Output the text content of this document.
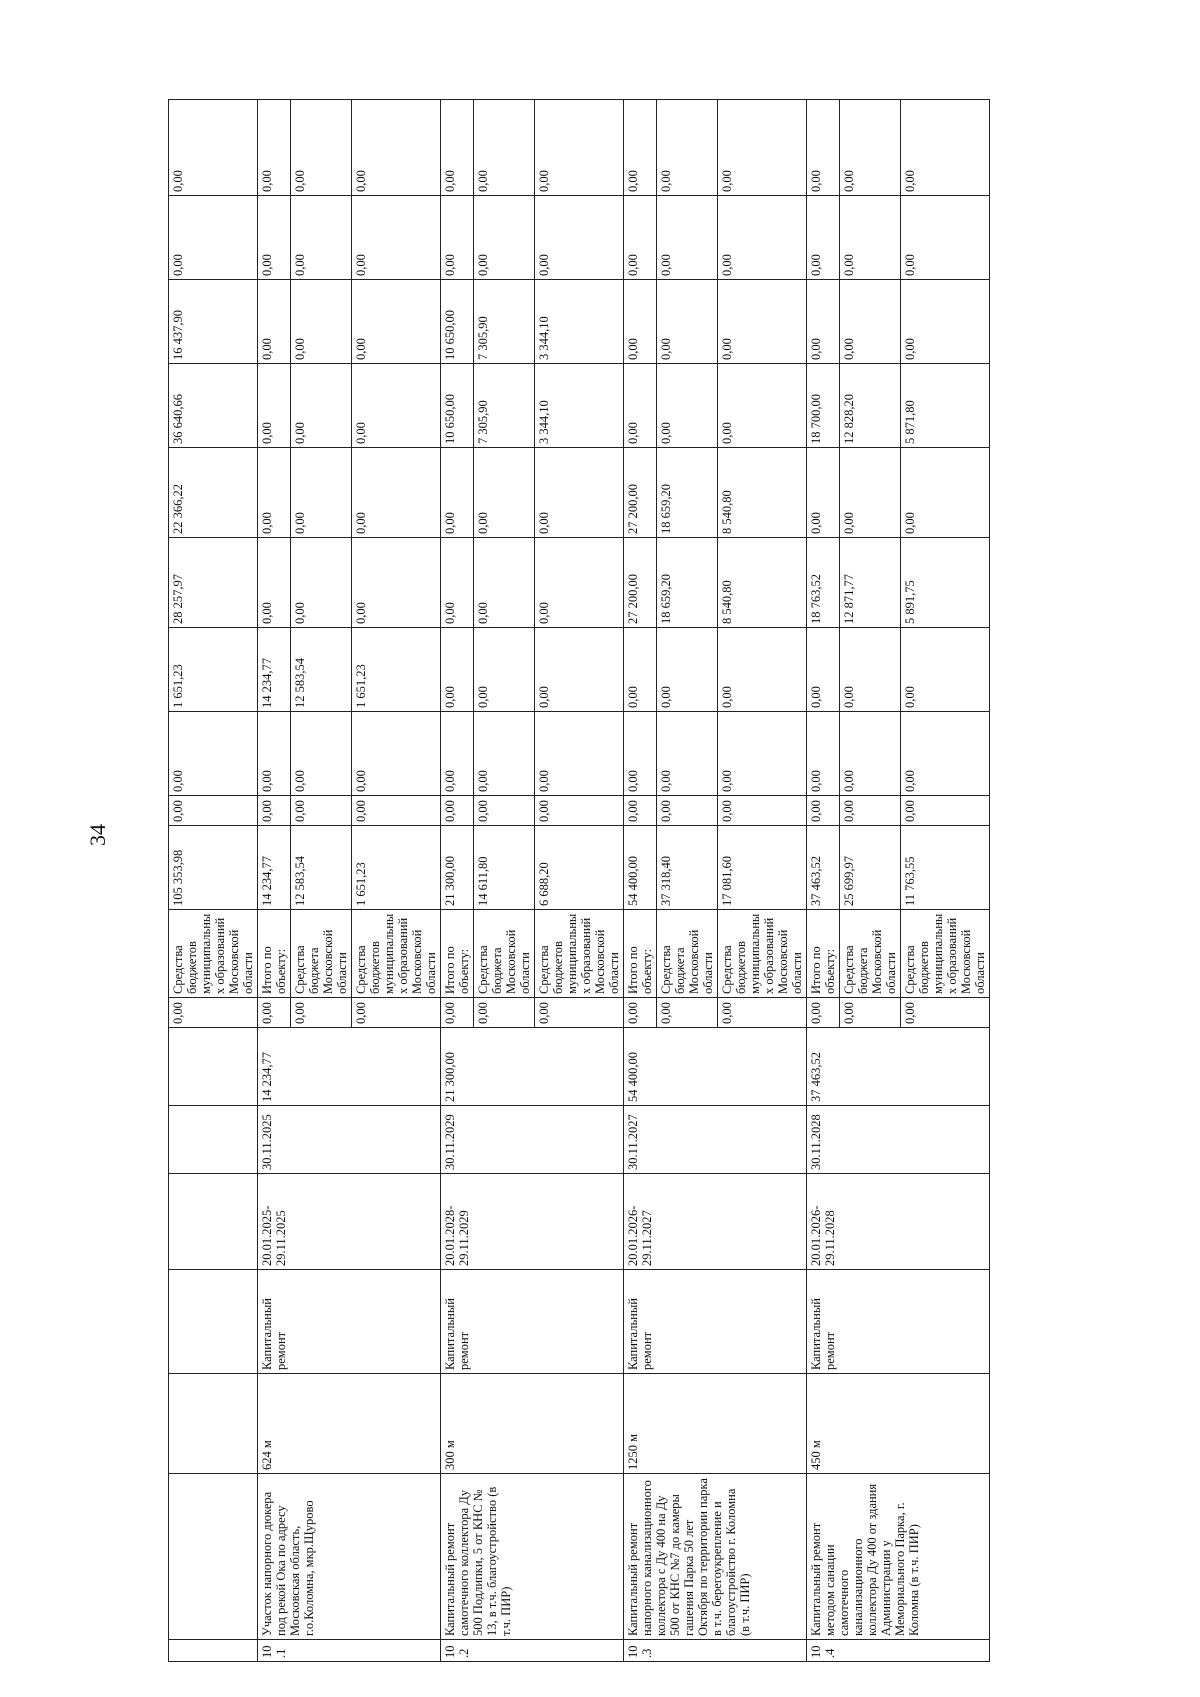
34
							0,00	Средства бюджетов муниципальных образований Московской области	105 353,98	0,00	0,00	1 651,23	28 257,97	22 366,22	36 640,66	16 437,90	0,00	0,00
10.1	Участок напорного дюкера под рекой Ока по адресу Московская область, г.о.Коломна, мкр.Щурово	624 м	Капитальный ремонт	20.01.2025-29.11.2025	30.11.2025	14 234,77	0,00	Итого по объекту:	14 234,77	0,00	0,00	14 234,77	0,00	0,00	0,00	0,00	0,00	0,00
							0,00	Средства бюджета Московской области	12 583,54	0,00	0,00	12 583,54	0,00	0,00	0,00	0,00	0,00	0,00
							0,00	Средства бюджетов муниципальных образований Московской области	1 651,23	0,00	0,00	1 651,23	0,00	0,00	0,00	0,00	0,00	0,00
10.2	Капитальный ремонт самотечного коллектора Ду 500 Подлипки, 5 от КНС № 13, в т.ч. благоустройство (в т.ч. ПИР)	300 м	Капитальный ремонт	20.01.2028-29.11.2029	30.11.2029	21 300,00	0,00	Итого по объекту:	21 300,00	0,00	0,00	0,00	0,00	0,00	10 650,00	10 650,00	0,00	0,00
							0,00	Средства бюджета Московской области	14 611,80	0,00	0,00	0,00	0,00	0,00	7 305,90	7 305,90	0,00	0,00
							0,00	Средства бюджетов муниципальных образований Московской области	6 688,20	0,00	0,00	0,00	0,00	0,00	3 344,10	3 344,10	0,00	0,00
10.3	Капитальный ремонт напорного канализационного коллектора с Ду 400 на Ду 500 от КНС №7 до камеры гашения Парка 50 лет Октября по территории парка в т.ч. берегоукрепление и благоустройство г. Коломна (в т.ч. ПИР)	1250 м	Капитальный ремонт	20.01.2026-29.11.2027	30.11.2027	54 400,00	0,00	Итого по объекту:	54 400,00	0,00	0,00	0,00	27 200,00	27 200,00	0,00	0,00	0,00	0,00
							0,00	Средства бюджета Московской области	37 318,40	0,00	0,00	0,00	18 659,20	18 659,20	0,00	0,00	0,00	0,00
							0,00	Средства бюджетов муниципальных образований Московской области	17 081,60	0,00	0,00	0,00	8 540,80	8 540,80	0,00	0,00	0,00	0,00
10.4	Капитальный ремонт методом санации самотечного канализационного коллектора Ду 400 от здания Администрации у Мемориального Парка, г. Коломна (в т.ч. ПИР)	450 м	Капитальный ремонт	20.01.2026-29.11.2028	30.11.2028	37 463,52	0,00	Итого по объекту:	37 463,52	0,00	0,00	0,00	18 763,52	0,00	18 700,00	0,00	0,00	0,00
							0,00	Средства бюджета Московской области	25 699,97	0,00	0,00	0,00	12 871,77	0,00	12 828,20	0,00	0,00	0,00
							0,00	Средства бюджетов муниципальных образований Московской области	11 763,55	0,00	0,00	0,00	5 891,75	0,00	5 871,80	0,00	0,00	0,00
